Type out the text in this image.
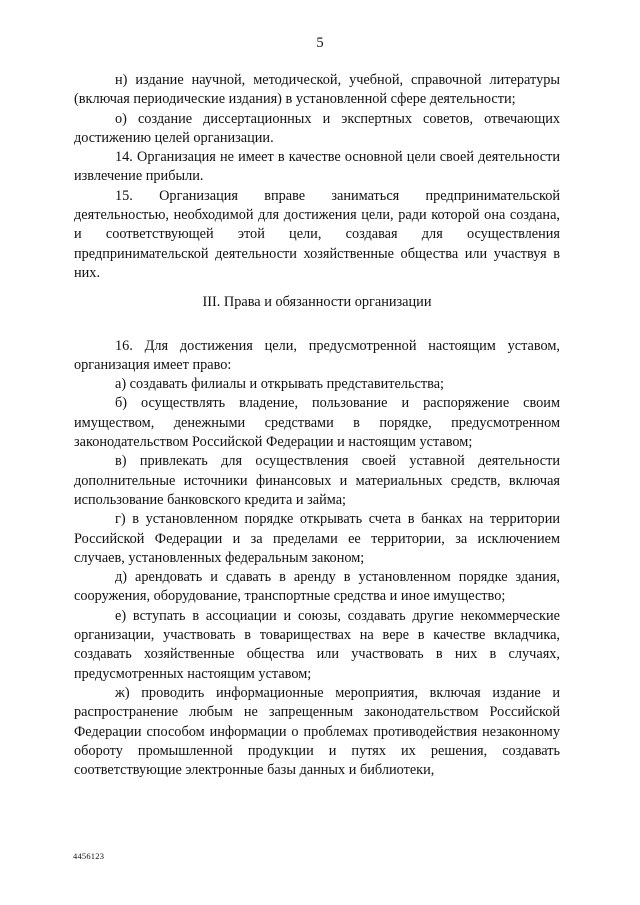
5

н) издание научной, методической, учебной, справочной литературы (включая периодические издания) в установленной сфере деятельности;

о) создание диссертационных и экспертных советов, отвечающих достижению целей организации.

14. Организация не имеет в качестве основной цели своей деятельности извлечение прибыли.

15. Организация вправе заниматься предпринимательской деятельностью, необходимой для достижения цели, ради которой она создана, и соответствующей этой цели, создавая для осуществления предпринимательской деятельности хозяйственные общества или участвуя в них.

III. Права и обязанности организации

16. Для достижения цели, предусмотренной настоящим уставом, организация имеет право:

а) создавать филиалы и открывать представительства;

б) осуществлять владение, пользование и распоряжение своим имуществом, денежными средствами в порядке, предусмотренном законодательством Российской Федерации и настоящим уставом;

в) привлекать для осуществления своей уставной деятельности дополнительные источники финансовых и материальных средств, включая использование банковского кредита и займа;

г) в установленном порядке открывать счета в банках на территории Российской Федерации и за пределами ее территории, за исключением случаев, установленных федеральным законом;

д) арендовать и сдавать в аренду в установленном порядке здания, сооружения, оборудование, транспортные средства и иное имущество;

е) вступать в ассоциации и союзы, создавать другие некоммерческие организации, участвовать в товариществах на вере в качестве вкладчика, создавать хозяйственные общества или участвовать в них в случаях, предусмотренных настоящим уставом;

ж) проводить информационные мероприятия, включая издание и распространение любым не запрещенным законодательством Российской Федерации способом информации о проблемах противодействия незаконному обороту промышленной продукции и путях их решения, создавать соответствующие электронные базы данных и библиотеки,

4456123
